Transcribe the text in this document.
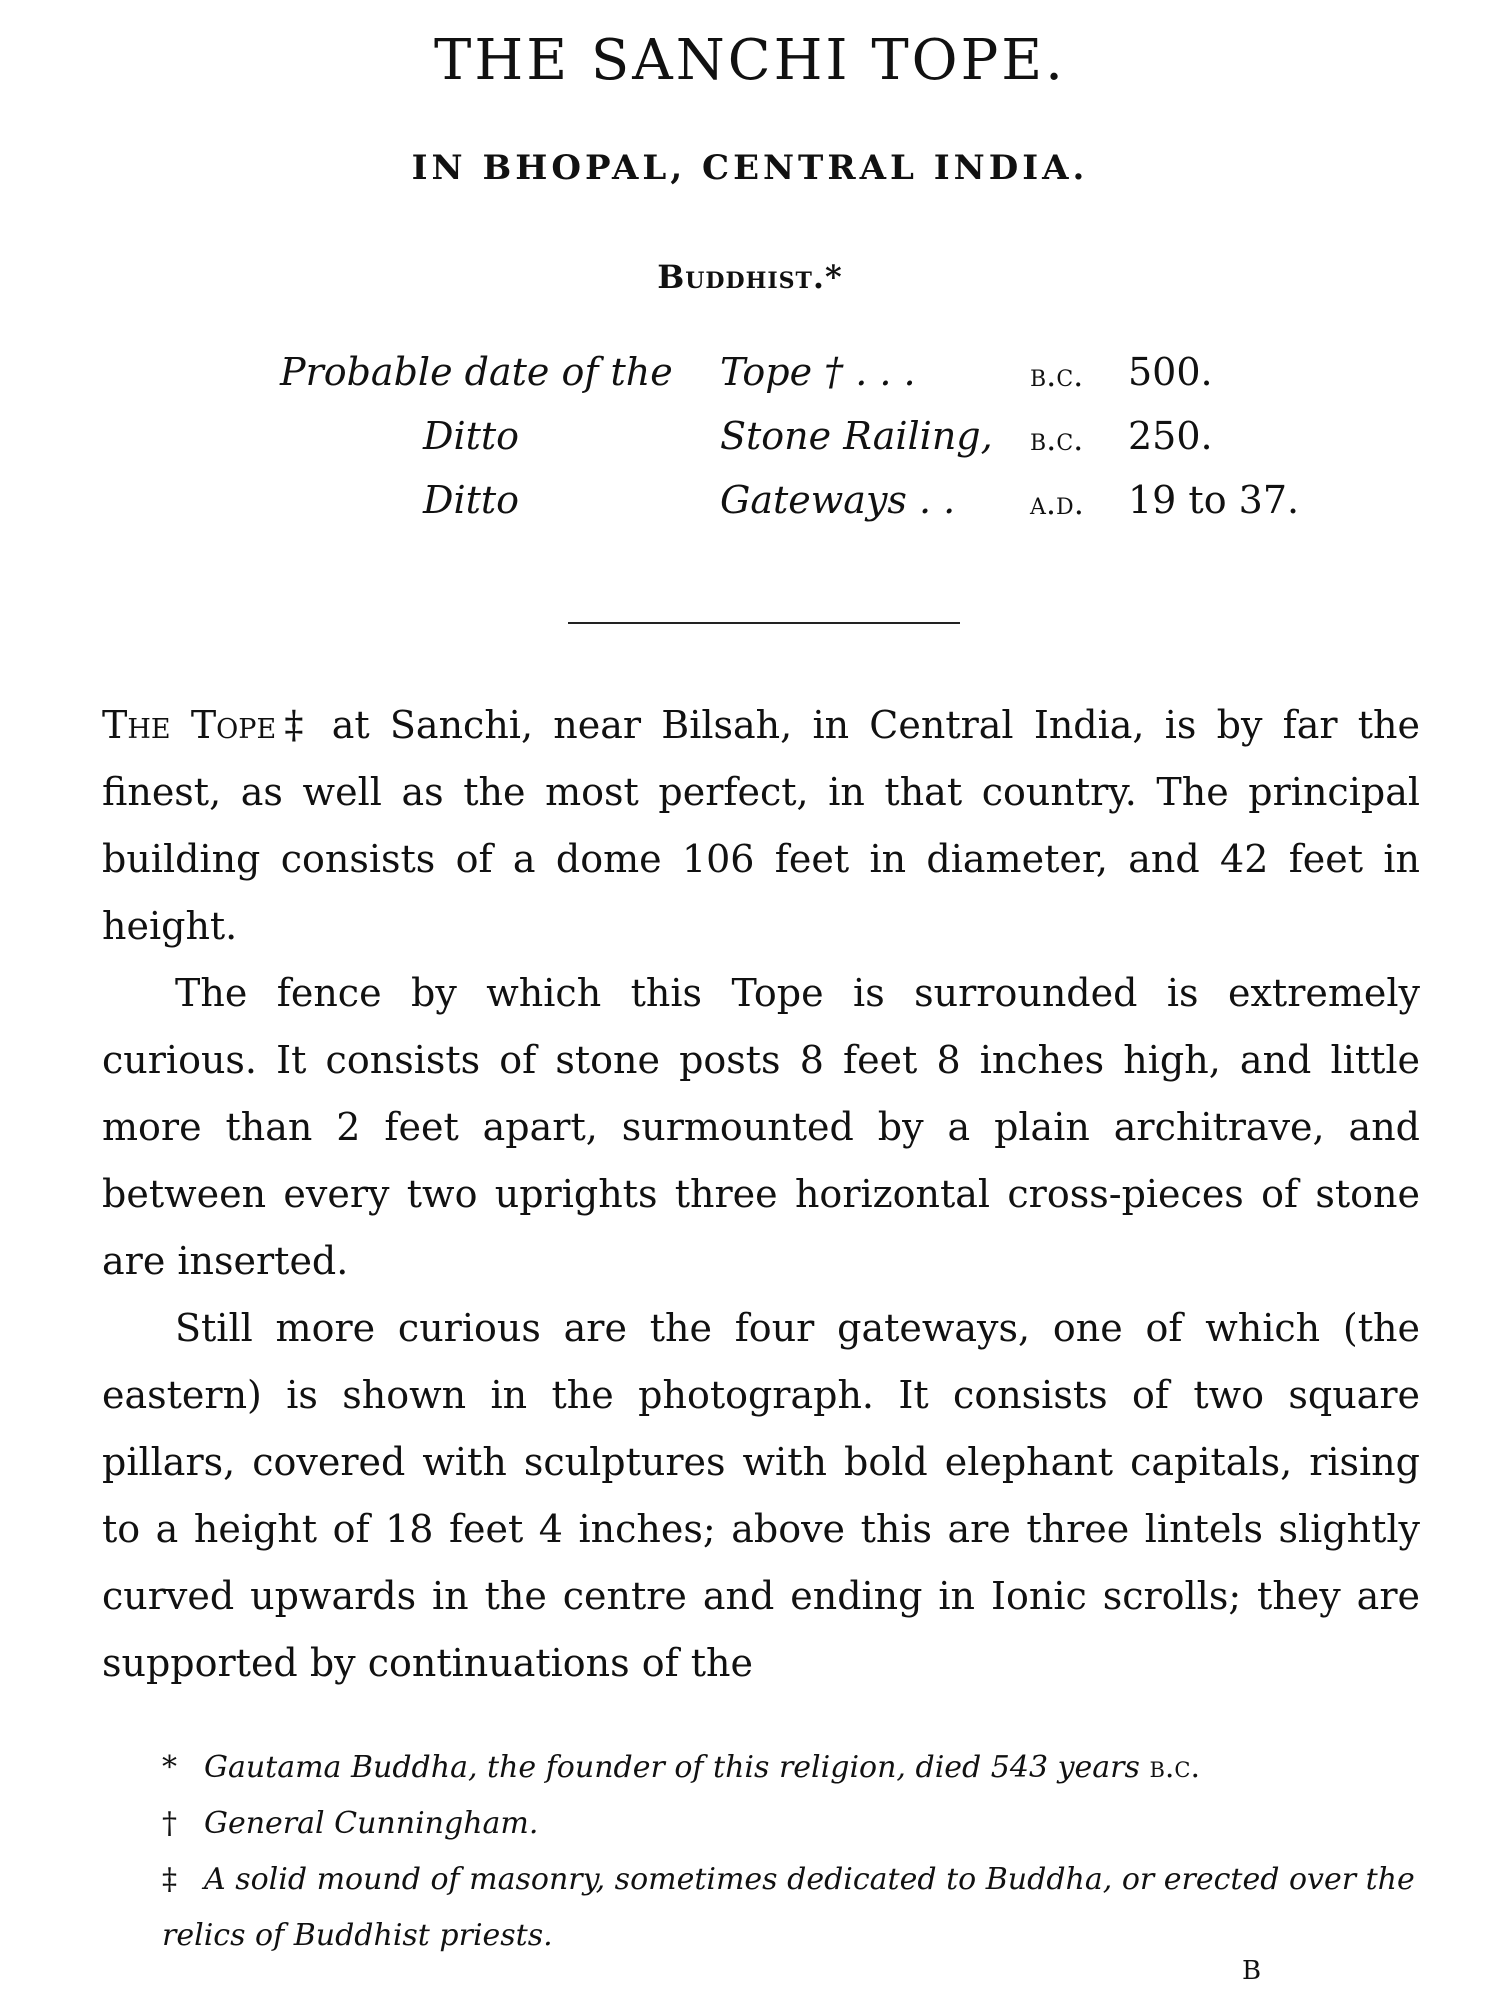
THE SANCHI TOPE.
IN BHOPAL, CENTRAL INDIA.
Buddhist.*
Probable date of the Tope † . . .	b.c. 500.
Ditto	Stone Railing, b.c. 250.
Ditto	Gateways . . a.d. 19 to 37.

The Tope‡ at Sanchi, near Bilsah, in Central India, is by far the finest, as well as the most perfect, in that country. The principal building consists of a dome 106 feet in diameter, and 42 feet in height.

The fence by which this Tope is surrounded is extremely curious. It consists of stone posts 8 feet 8 inches high, and little more than 2 feet apart, surmounted by a plain architrave, and between every two uprights three horizontal cross-pieces of stone are inserted.

Still more curious are the four gateways, one of which (the eastern) is shown in the photograph. It consists of two square pillars, covered with sculptures with bold elephant capitals, rising to a height of 18 feet 4 inches; above this are three lintels slightly curved upwards in the centre and ending in Ionic scrolls; they are supported by continuations of the

* Gautama Buddha, the founder of this religion, died 543 years b.c.

† General Cunningham.

‡ A solid mound of masonry, sometimes dedicated to Buddha, or erected over the relics of Buddhist priests.

B
